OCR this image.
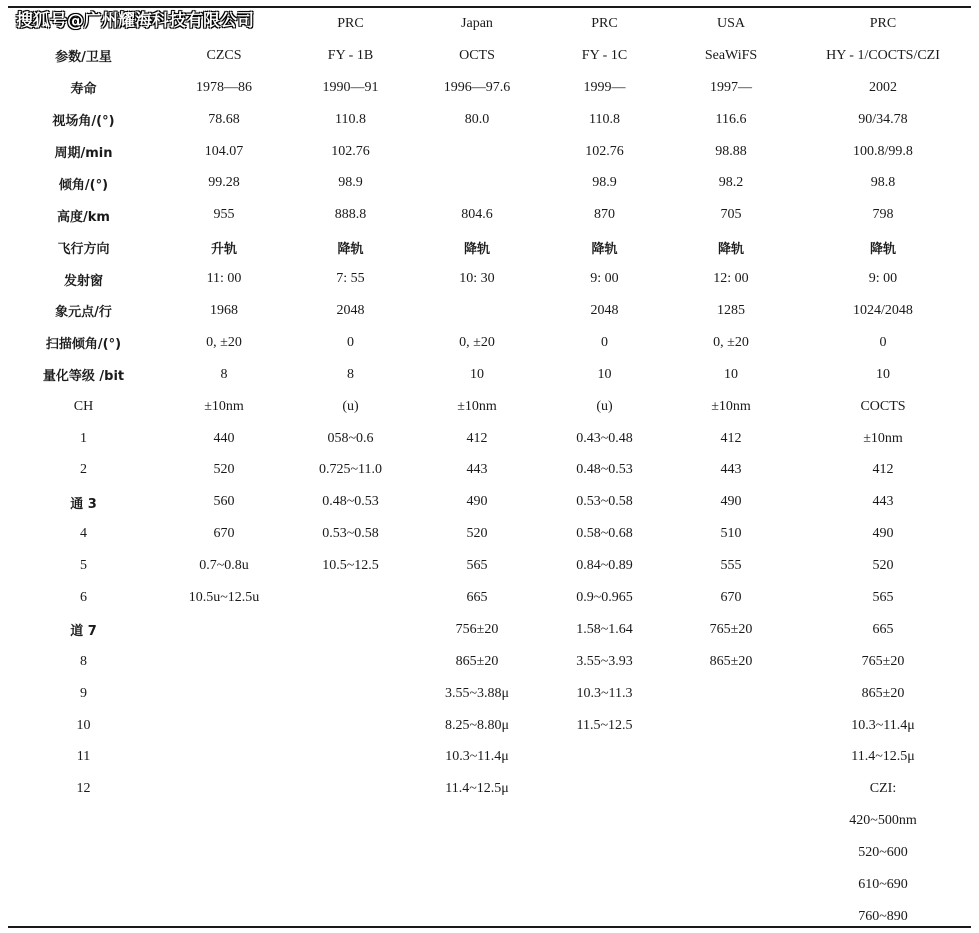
		PRC	Japan	PRC	USA	PRC
参数/卫星	CZCS	FY - 1B	OCTS	FY - 1C	SeaWiFS	HY - 1/COCTS/CZI
寿命	1978—86	1990—91	1996—97.6	1999—	1997—	2002
视场角/(°)	78.68	110.8	80.0	110.8	116.6	90/34.78
周期/min	104.07	102.76		102.76	98.88	100.8/99.8
倾角/(°)	99.28	98.9		98.9	98.2	98.8
高度/km	955	888.8	804.6	870	705	798
飞行方向	升轨	降轨	降轨	降轨	降轨	降轨
发射窗	11: 00	7: 55	10: 30	9: 00	12: 00	9: 00
象元点/行	1968	2048		2048	1285	1024/2048
扫描倾角/(°)	0, ±20	0	0, ±20	0	0, ±20	0
量化等级 /bit	8	8	10	10	10	10
CH	±10nm	(u)	±10nm	(u)	±10nm	COCTS
1	440	058~0.6	412	0.43~0.48	412	±10nm
2	520	0.725~11.0	443	0.48~0.53	443	412
通 3	560	0.48~0.53	490	0.53~0.58	490	443
4	670	0.53~0.58	520	0.58~0.68	510	490
5	0.7~0.8u	10.5~12.5	565	0.84~0.89	555	520
6	10.5u~12.5u		665	0.9~0.965	670	565
道 7			756±20	1.58~1.64	765±20	665
8			865±20	3.55~3.93	865±20	765±20
9			3.55~3.88μ	10.3~11.3		865±20
10			8.25~8.80μ	11.5~12.5		10.3~11.4μ
11			10.3~11.4μ			11.4~12.5μ
12			11.4~12.5μ			CZI:
						420~500nm
						520~600
						610~690
						760~890
搜狐号@广州耀海科技有限公司
